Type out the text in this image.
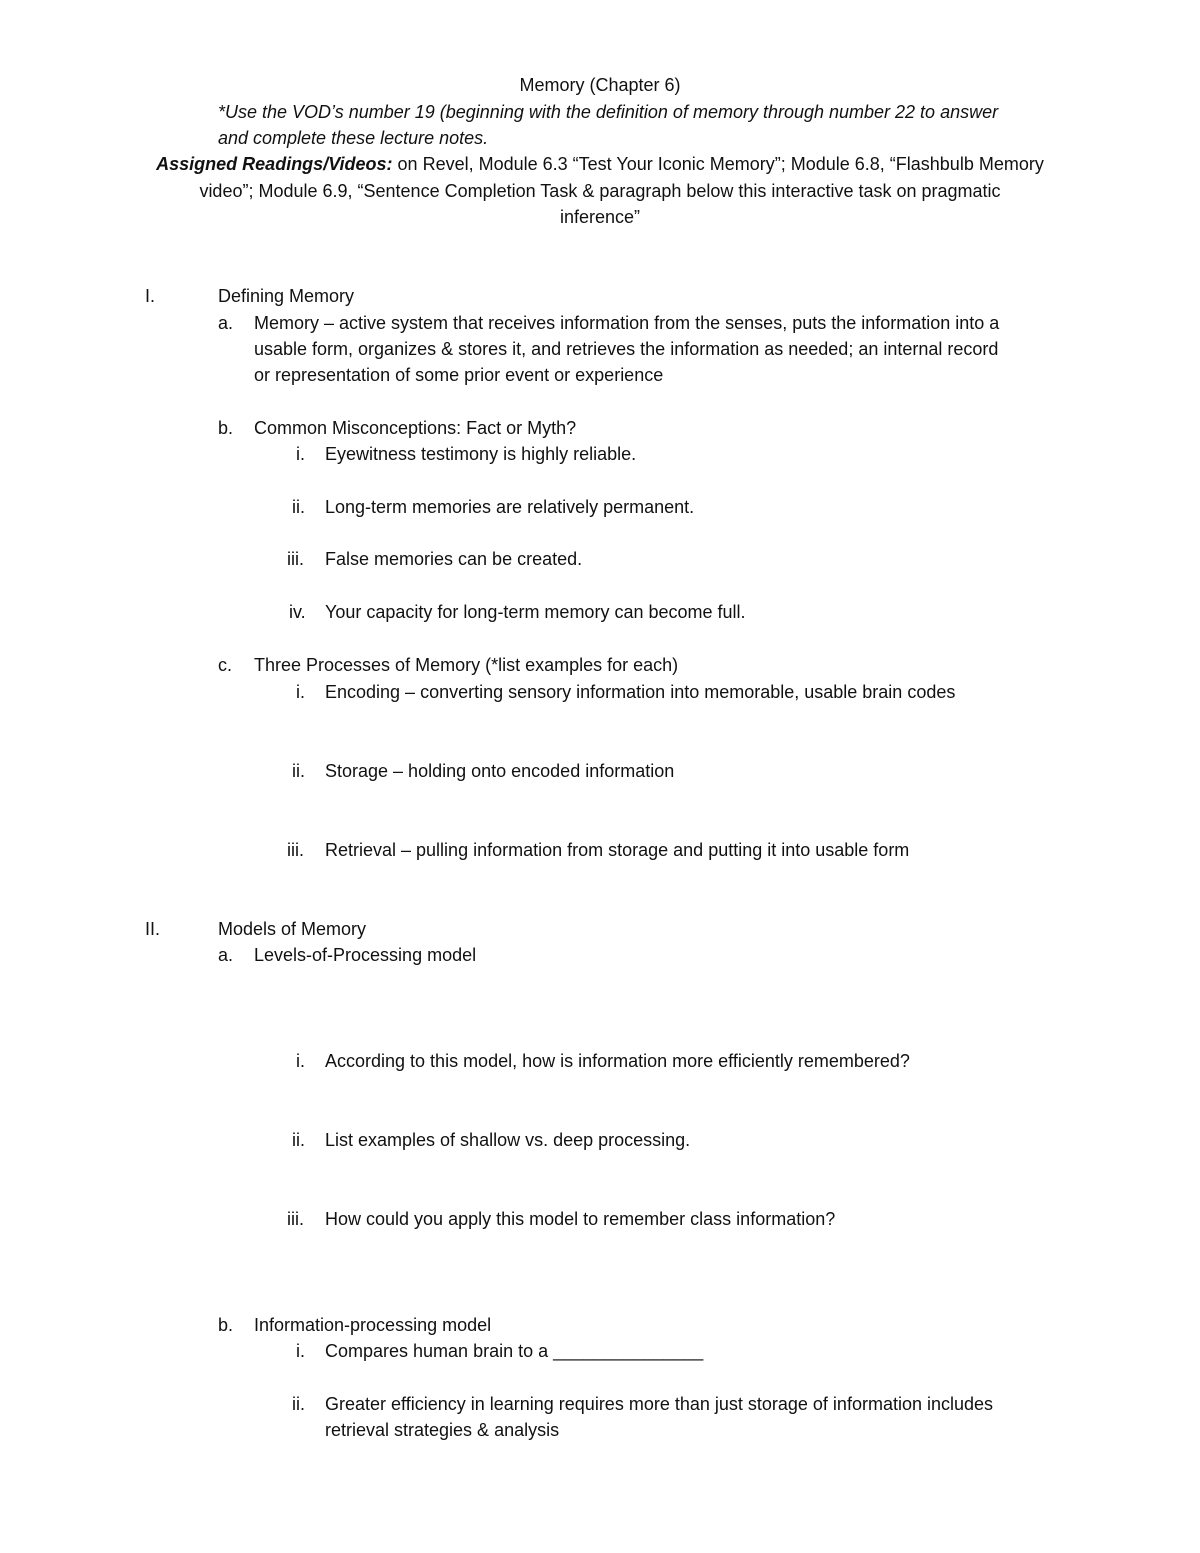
Memory (Chapter 6)
*Use the VOD’s number 19 (beginning with the definition of memory through number 22 to answer
and complete these lecture notes.
Assigned Readings/Videos: on Revel, Module 6.3 “Test Your Iconic Memory”; Module 6.8, “Flashbulb Memory
video”; Module 6.9, “Sentence Completion Task & paragraph below this interactive task on pragmatic
inference”
I.	Defining Memory
a. Memory – active system that receives information from the senses, puts the information into a
usable form, organizes & stores it, and retrieves the information as needed; an internal record
or representation of some prior event or experience
b. Common Misconceptions: Fact or Myth?
i. Eyewitness testimony is highly reliable.
ii. Long-term memories are relatively permanent.
iii. False memories can be created.
iv. Your capacity for long-term memory can become full.
c. Three Processes of Memory (*list examples for each)
i. Encoding – converting sensory information into memorable, usable brain codes
ii. Storage – holding onto encoded information
iii. Retrieval – pulling information from storage and putting it into usable form
II.	Models of Memory
a. Levels-of-Processing model
i. According to this model, how is information more efficiently remembered?
ii. List examples of shallow vs. deep processing.
iii. How could you apply this model to remember class information?
b. Information-processing model
i. Compares human brain to a _______________
ii. Greater efficiency in learning requires more than just storage of information includes
retrieval strategies & analysis
